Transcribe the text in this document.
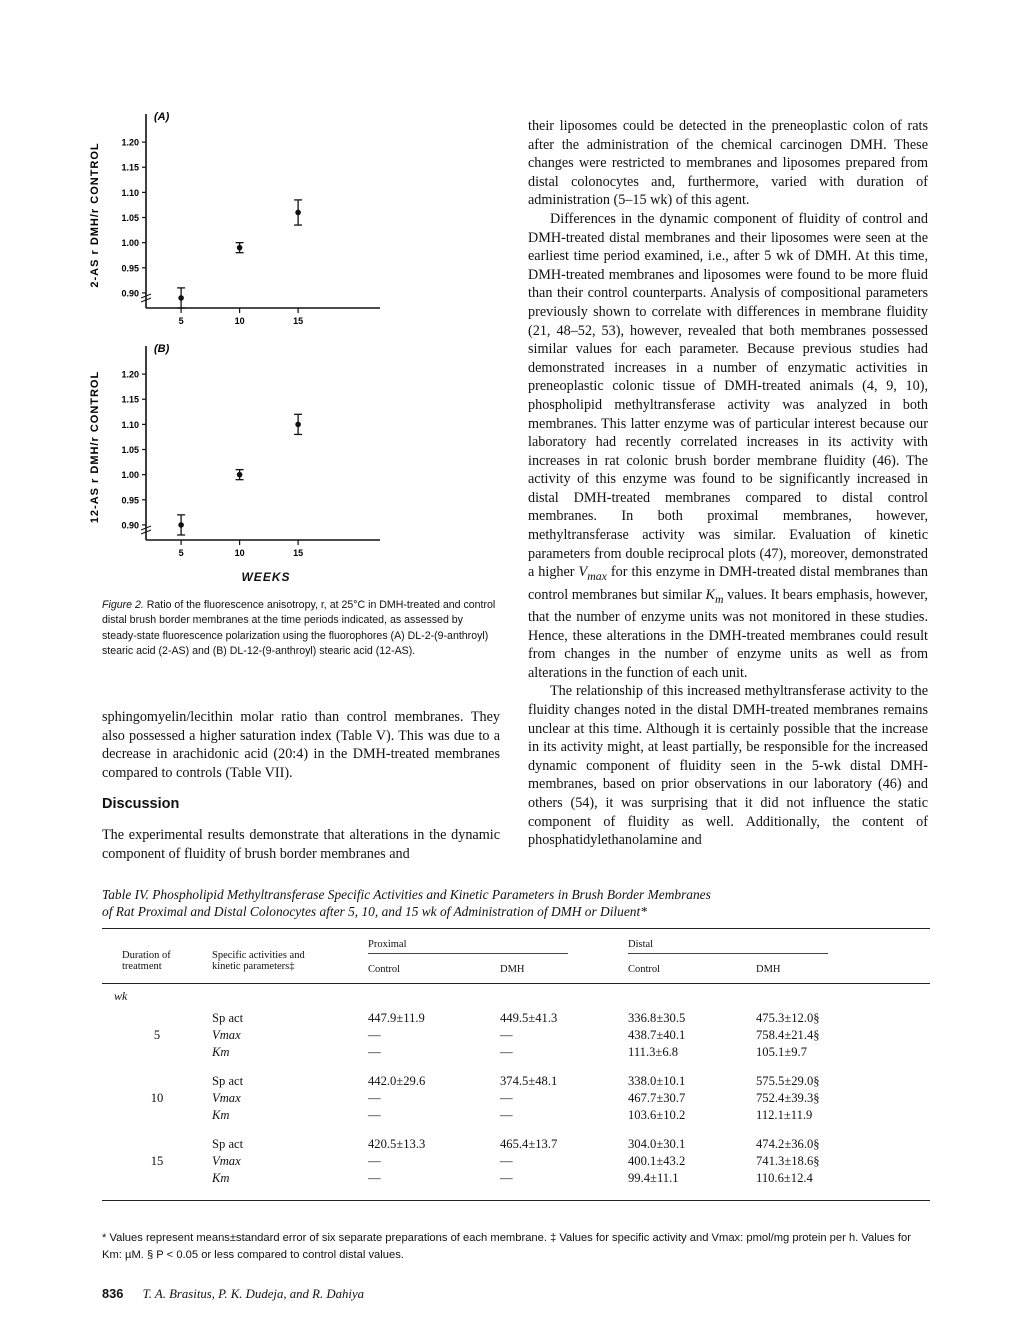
(A)
0.90
0.95
1.00
1.05
1.10
1.15
1.20
5	10	15
2-AS r DMH/r CONTROL
(B)
0.90
0.95
1.00
1.05
1.10
1.15
1.20
5	10	15
12-AS r DMH/r CONTROL
WEEKS
Figure 2. Ratio of the fluorescence anisotropy, r, at 25°C in DMH-treated and control distal brush border membranes at the time periods indicated, as assessed by steady-state fluorescence polarization using the fluorophores (A) DL-2-(9-anthroyl) stearic acid (2-AS) and (B) DL-12-(9-anthroyl) stearic acid (12-AS).

sphingomyelin/lecithin molar ratio than control membranes. They also possessed a higher saturation index (Table V). This was due to a decrease in arachidonic acid (20:4) in the DMH-treated membranes compared to controls (Table VII).

Discussion

The experimental results demonstrate that alterations in the dynamic component of fluidity of brush border membranes and

their liposomes could be detected in the preneoplastic colon of rats after the administration of the chemical carcinogen DMH. These changes were restricted to membranes and liposomes prepared from distal colonocytes and, furthermore, varied with duration of administration (5–15 wk) of this agent.

Differences in the dynamic component of fluidity of control and DMH-treated distal membranes and their liposomes were seen at the earliest time period examined, i.e., after 5 wk of DMH. At this time, DMH-treated membranes and liposomes were found to be more fluid than their control counterparts. Analysis of compositional parameters previously shown to correlate with differences in membrane fluidity (21, 48–52, 53), however, revealed that both membranes possessed similar values for each parameter. Because previous studies had demonstrated increases in a number of enzymatic activities in preneoplastic colonic tissue of DMH-treated animals (4, 9, 10), phospholipid methyltransferase activity was analyzed in both membranes. This latter enzyme was of particular interest because our laboratory had recently correlated increases in its activity with increases in rat colonic brush border membrane fluidity (46). The activity of this enzyme was found to be significantly increased in distal DMH-treated membranes compared to distal control membranes. In both proximal membranes, however, methyltransferase activity was similar. Evaluation of kinetic parameters from double reciprocal plots (47), moreover, demonstrated a higher $V_{max}$ for this enzyme in DMH-treated distal membranes than control membranes but similar $K_m$ values. It bears emphasis, however, that the number of enzyme units was not monitored in these studies. Hence, these alterations in the DMH-treated membranes could result from changes in the number of enzyme units as well as from alterations in the function of each unit.

The relationship of this increased methyltransferase activity to the fluidity changes noted in the distal DMH-treated membranes remains unclear at this time. Although it is certainly possible that the increase in its activity might, at least partially, be responsible for the increased dynamic component of fluidity seen in the 5-wk distal DMH-membranes, based on prior observations in our laboratory (46) and others (54), it was surprising that it did not influence the static component of fluidity as well. Additionally, the content of phosphatidylethanolamine and

Table IV. Phospholipid Methyltransferase Specific Activities and Kinetic Parameters in Brush Border Membranes
of Rat Proximal and Distal Colonocytes after 5, 10, and 15 wk of Administration of DMH or Diluent*
Duration of treatment	Specific activities and kinetic parameters‡	Proximal		Distal	
		Control	DMH	Control	DMH
wk					
	Sp act	447.9±11.9	449.5±41.3	336.8±30.5	475.3±12.0§
5	Vmax	—	—	438.7±40.1	758.4±21.4§
	Km	—	—	111.3±6.8	105.1±9.7

	Sp act	442.0±29.6	374.5±48.1	338.0±10.1	575.5±29.0§
10	Vmax	—	—	467.7±30.7	752.4±39.3§
	Km	—	—	103.6±10.2	112.1±11.9

	Sp act	420.5±13.3	465.4±13.7	304.0±30.1	474.2±36.0§
15	Vmax	—	—	400.1±43.2	741.3±18.6§
	Km	—	—	99.4±11.1	110.6±12.4

* Values represent means±standard error of six separate preparations of each membrane. ‡ Values for specific activity and Vmax: pmol/mg protein per h. Values for Km: µM. § P < 0.05 or less compared to control distal values.
836 T. A. Brasitus, P. K. Dudeja, and R. Dahiya
